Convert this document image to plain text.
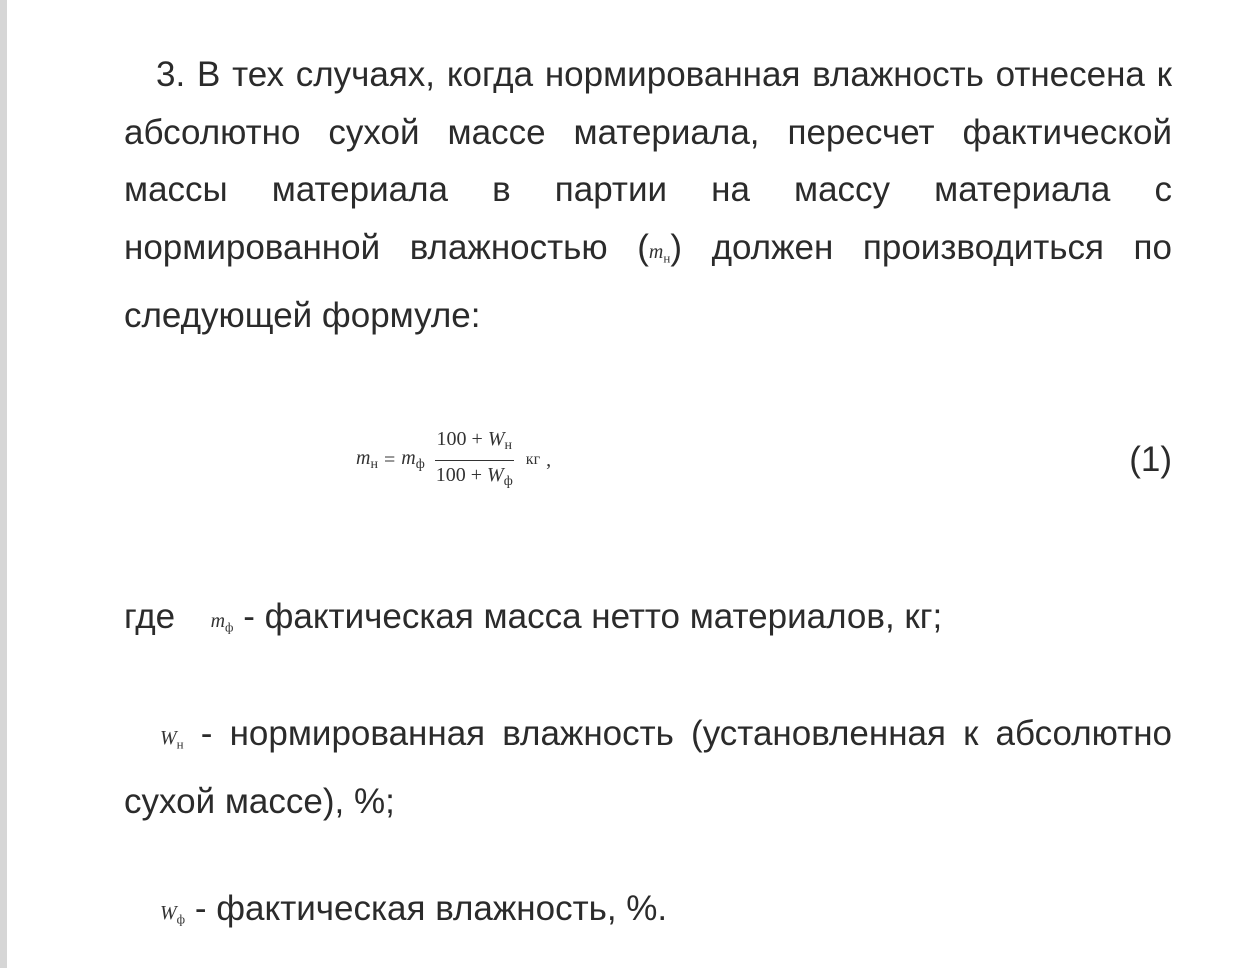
3. В тех случаях, когда нормированная влажность отнесена к абсолютно сухой массе материала, пересчет фактической массы материала в партии на массу материала с нормированной влажностью $(m_н)$ должен производиться по следующей формуле:

$m_н = m_ф \frac{100 + W_н}{100 + W_ф}$ кг ,	(1)

где $m_ф$ - фактическая масса нетто материалов, кг;

$W_н$ - нормированная влажность (установленная к абсолютно сухой массе), %;

$W_ф$ - фактическая влажность, %.
